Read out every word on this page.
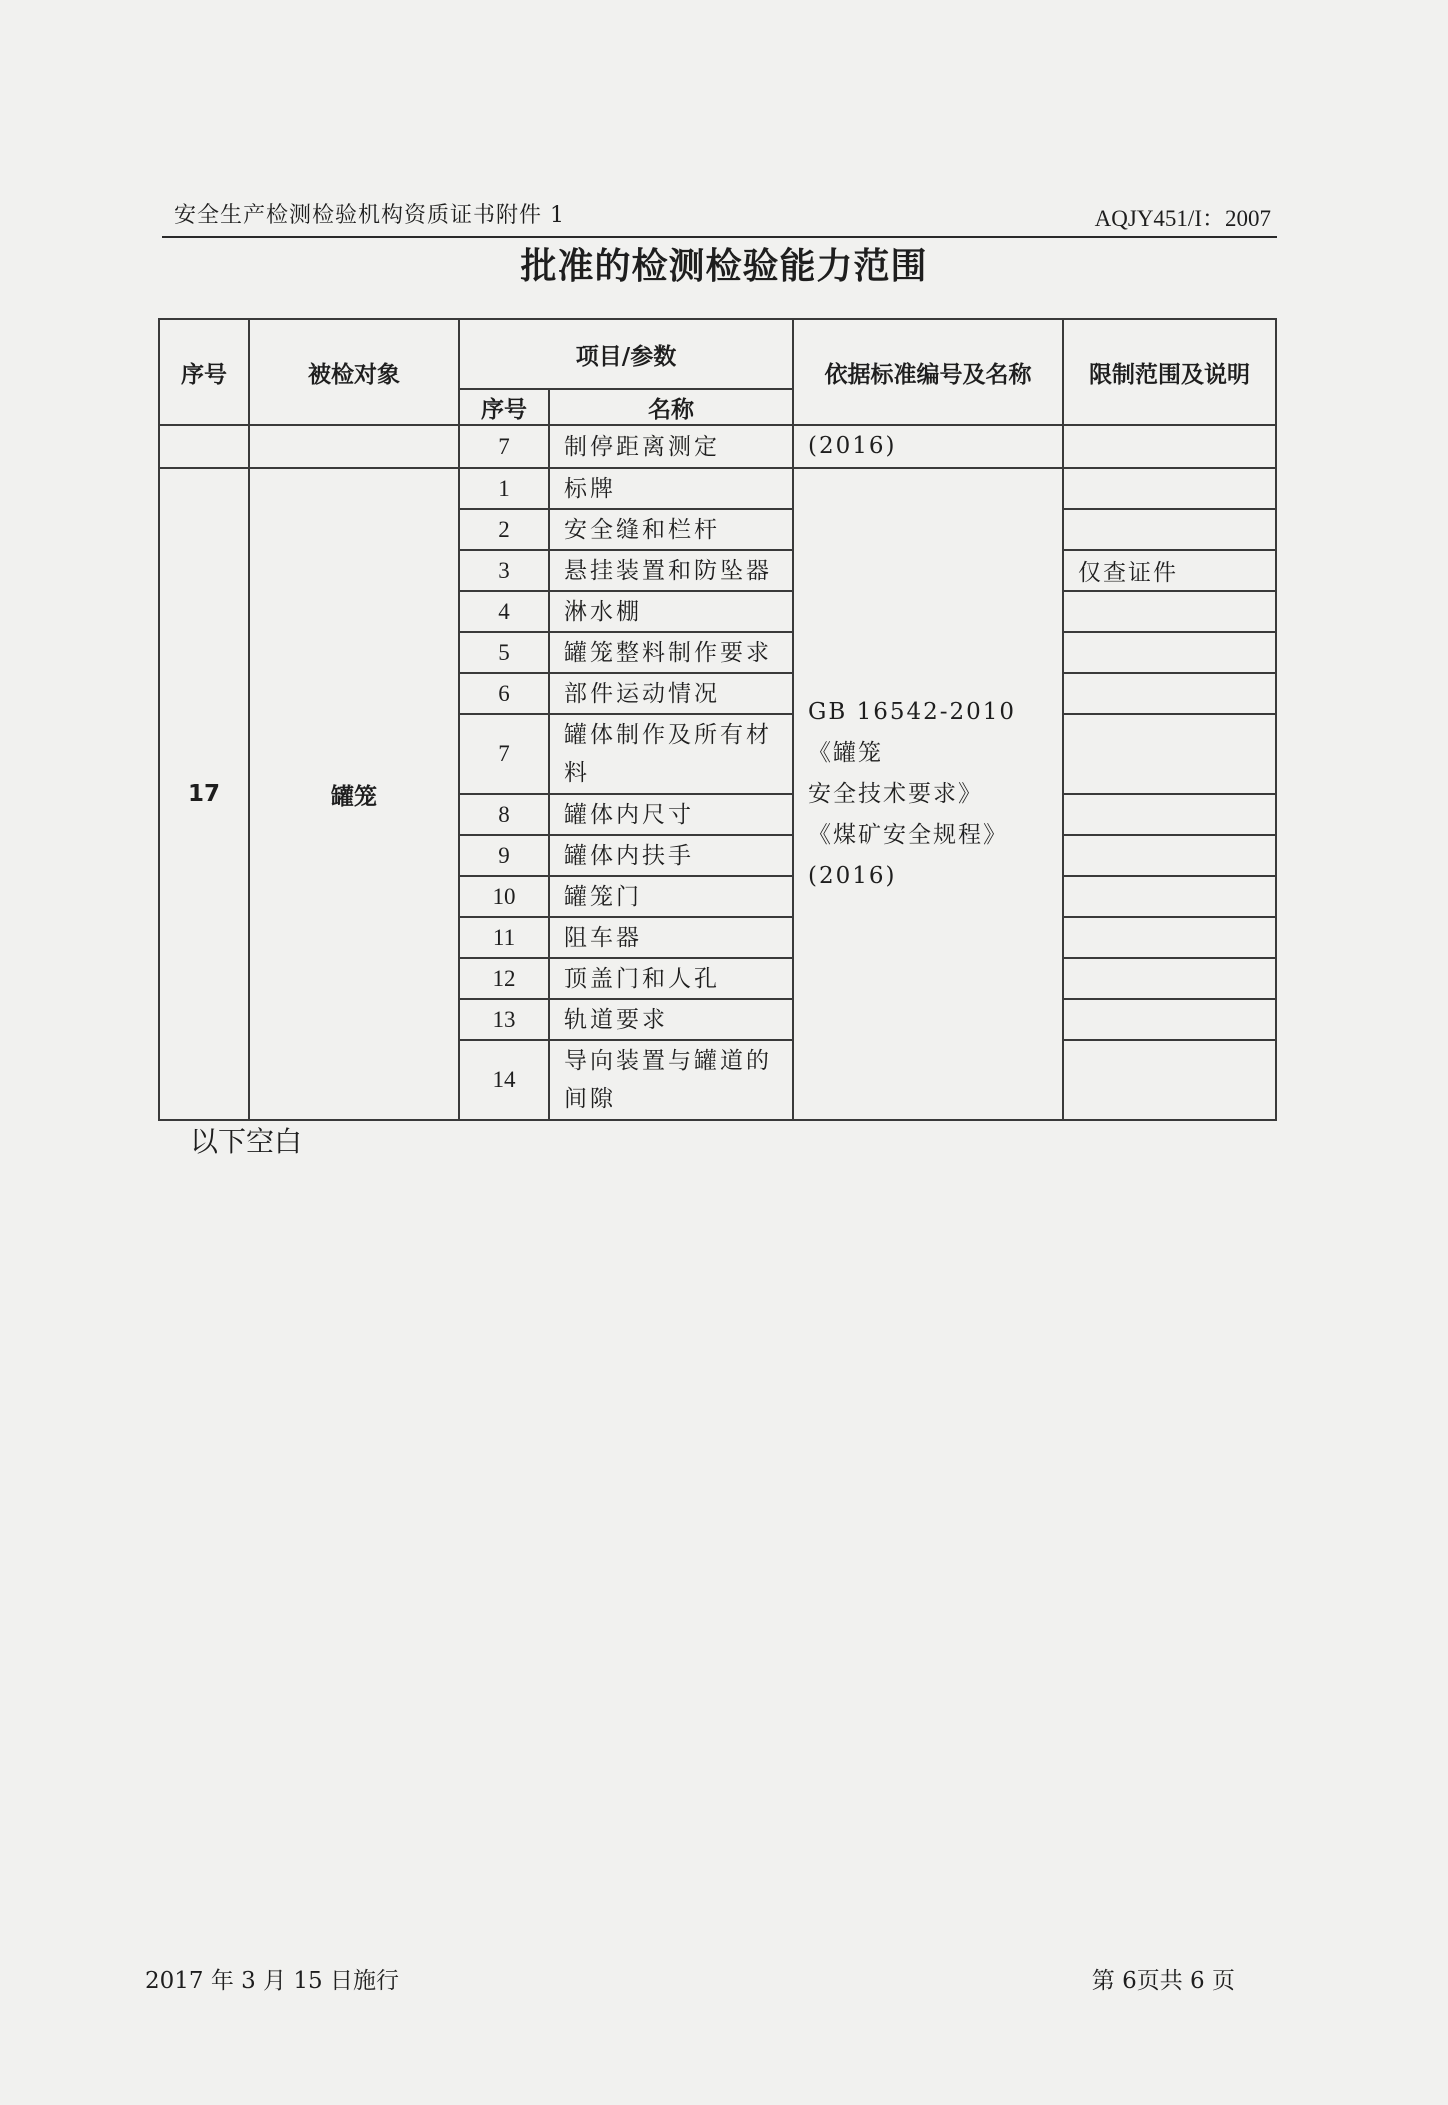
安全生产检测检验机构资质证书附件 1	AQJY451/I：2007
批准的检测检验能力范围
序号	被检对象	项目/参数		依据标准编号及名称	限制范围及说明
		序号	名称		
		7	制停距离测定	(2016)	
17	罐笼	1	标牌	GB 16542-2010《罐笼
安全技术要求》
《煤矿安全规程》
(2016)	

		2	安全缝和栏杆		
		3	悬挂装置和防坠器		仅查证件
		4	淋水棚		
		5	罐笼整料制作要求		
		6	部件运动情况		
		7	罐体制作及所有材料		
		8	罐体内尺寸		
		9	罐体内扶手		
		10	罐笼门		
		11	阻车器		
		12	顶盖门和人孔		
		13	轨道要求		
		14	导向装置与罐道的间隙		
以下空白
2017 年 3 月 15 日施行	第 6页共 6 页
